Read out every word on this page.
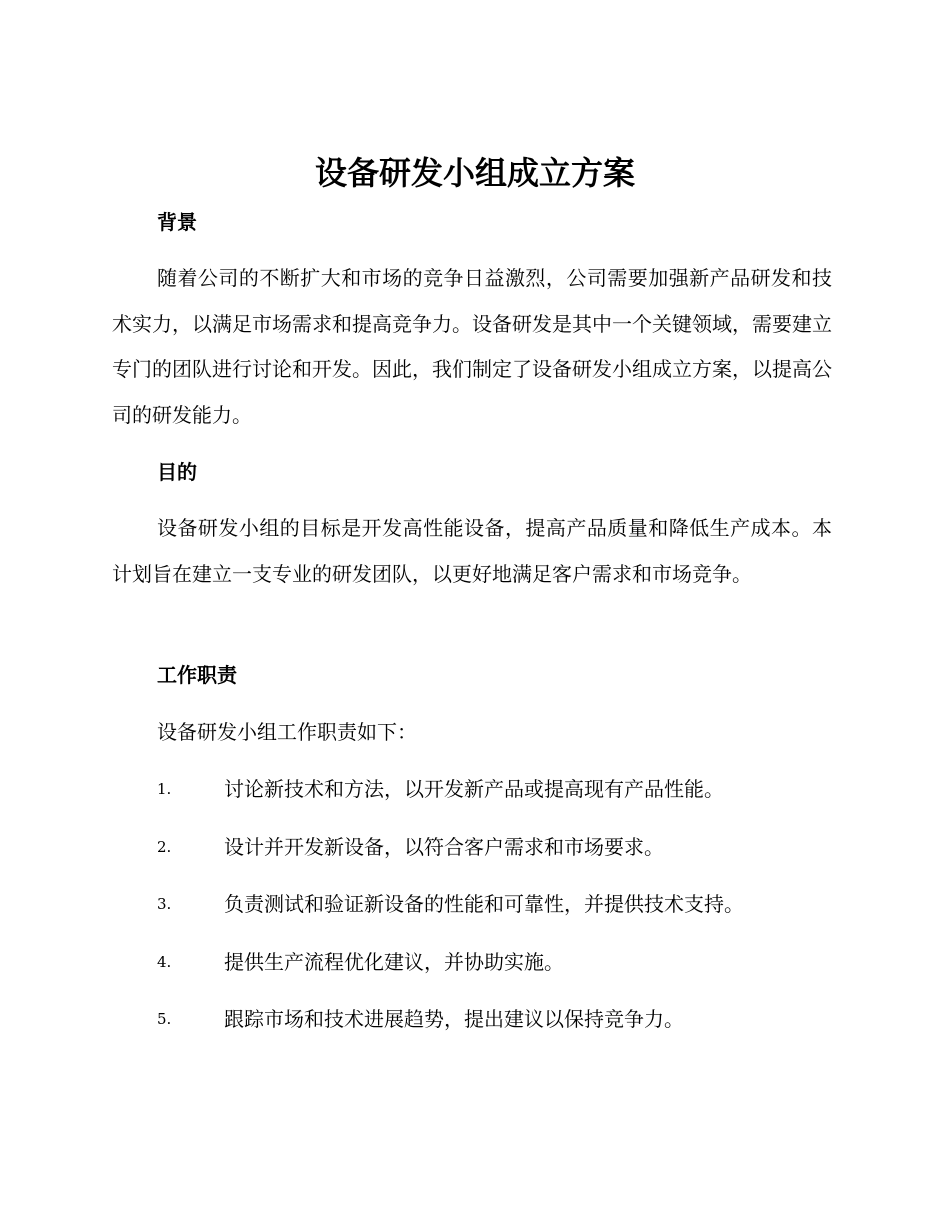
设备研发小组成立方案
背景

随着公司的不断扩大和市场的竞争日益激烈，公司需要加强新产品研发和技术实力，以满足市场需求和提高竞争力。设备研发是其中一个关键领域，需要建立专门的团队进行讨论和开发。因此，我们制定了设备研发小组成立方案，以提高公司的研发能力。

目的

设备研发小组的目标是开发高性能设备，提高产品质量和降低生产成本。本计划旨在建立一支专业的研发团队，以更好地满足客户需求和市场竞争。

工作职责

设备研发小组工作职责如下：

1.	讨论新技术和方法，以开发新产品或提高现有产品性能。
2.	设计并开发新设备，以符合客户需求和市场要求。
3.	负责测试和验证新设备的性能和可靠性，并提供技术支持。
4.	提供生产流程优化建议，并协助实施。
5.	跟踪市场和技术进展趋势，提出建议以保持竞争力。
